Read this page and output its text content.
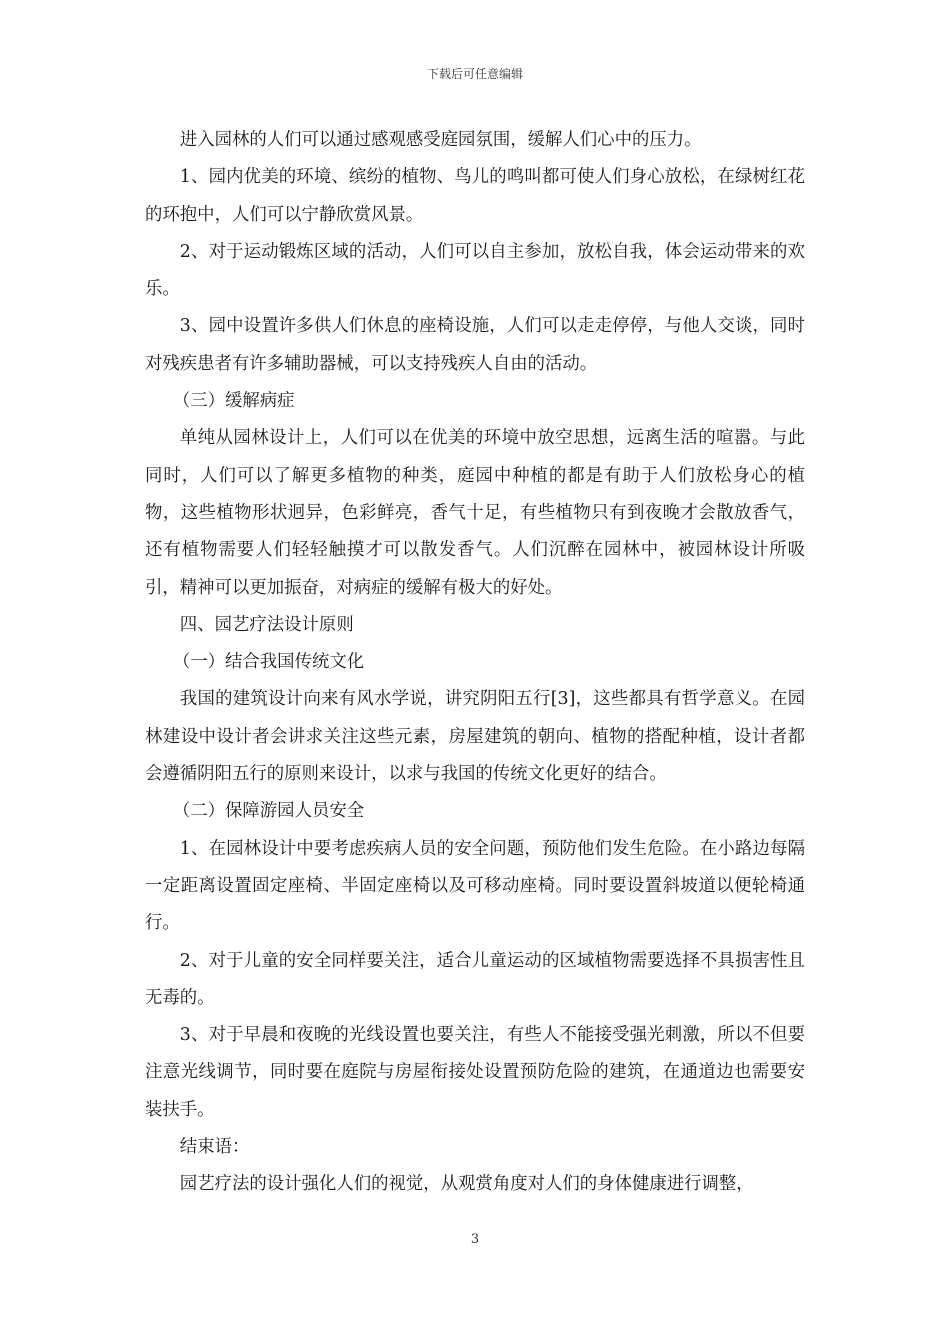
下载后可任意编辑

进入园林的人们可以通过感观感受庭园氛围，缓解人们心中的压力。

1、园内优美的环境、缤纷的植物、鸟儿的鸣叫都可使人们身心放松，在绿树红花的环抱中，人们可以宁静欣赏风景。

2、对于运动锻炼区域的活动，人们可以自主参加，放松自我，体会运动带来的欢乐。

3、园中设置许多供人们休息的座椅设施，人们可以走走停停，与他人交谈，同时对残疾患者有许多辅助器械，可以支持残疾人自由的活动。

（三）缓解病症

单纯从园林设计上，人们可以在优美的环境中放空思想，远离生活的喧嚣。与此同时，人们可以了解更多植物的种类，庭园中种植的都是有助于人们放松身心的植物，这些植物形状迥异，色彩鲜亮，香气十足，有些植物只有到夜晚才会散放香气，还有植物需要人们轻轻触摸才可以散发香气。人们沉醉在园林中，被园林设计所吸引，精神可以更加振奋，对病症的缓解有极大的好处。

四、园艺疗法设计原则

（一）结合我国传统文化

我国的建筑设计向来有风水学说，讲究阴阳五行[3]，这些都具有哲学意义。在园林建设中设计者会讲求关注这些元素，房屋建筑的朝向、植物的搭配种植，设计者都会遵循阴阳五行的原则来设计，以求与我国的传统文化更好的结合。

（二）保障游园人员安全

1、在园林设计中要考虑疾病人员的安全问题，预防他们发生危险。在小路边每隔一定距离设置固定座椅、半固定座椅以及可移动座椅。同时要设置斜坡道以便轮椅通行。

2、对于儿童的安全同样要关注，适合儿童运动的区域植物需要选择不具损害性且无毒的。

3、对于早晨和夜晚的光线设置也要关注，有些人不能接受强光刺激，所以不但要注意光线调节，同时要在庭院与房屋衔接处设置预防危险的建筑，在通道边也需要安装扶手。

结束语：

园艺疗法的设计强化人们的视觉，从观赏角度对人们的身体健康进行调整，

3
